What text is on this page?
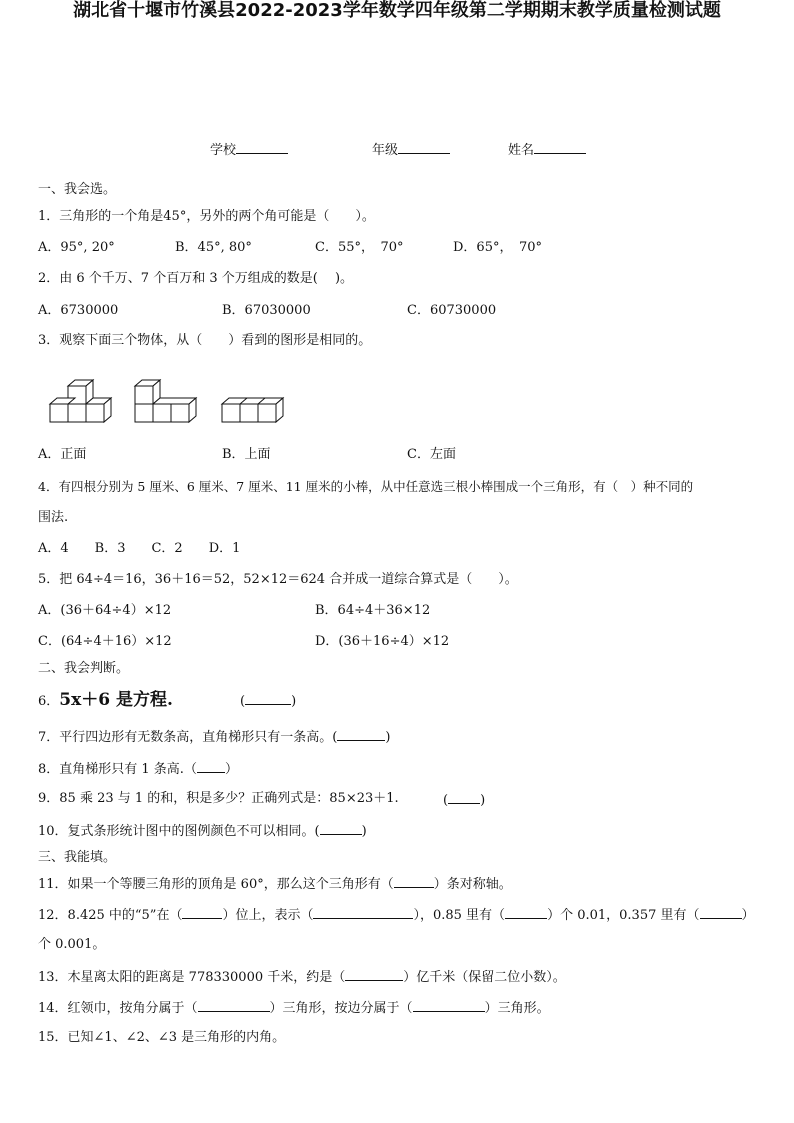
湖北省十堰市竹溪县2022-2023学年数学四年级第二学期期末教学质量检测试题
学校	年级	姓名
一、我会选。
1．三角形的一个角是45°，另外的两个角可能是（　　）。
A．95°, 20°	B．45°, 80°	C．55°，　70°	D．65°，　70°
2．由 6 个千万、7 个百万和 3 个万组成的数是(　 )。
A．6730000	B．67030000	C．60730000
3．观察下面三个物体，从（　　）看到的图形是相同的。
A．正面	B．上面	C．左面
4．有四根分别为 5 厘米、6 厘米、7 厘米、11 厘米的小棒，从中任意选三根小棒围成一个三角形，有（　）种不同的
围法.
A．4　　B．3　　C．2　　D．1
5．把 64÷4＝16，36＋16＝52，52×12＝624 合并成一道综合算式是（　　）。
A．(36＋64÷4）×12	B．64÷4＋36×12
C．(64÷4＋16）×12	D．(36＋16÷4）×12
二、我会判断。
6．5x＋6 是方程.	(	)
7．平行四边形有无数条高，直角梯形只有一条高。(	)
8．直角梯形只有 1 条高.（ ）
9．85 乘 23 与 1 的和，积是多少？正确列式是：85×23＋1.	( )
10．复式条形统计图中的图例颜色不可以相同。(	)
三、我能填。
11．如果一个等腰三角形的顶角是 60°，那么这个三角形有（	）条对称轴。
12．8.425 中的“5”在（	）位上，表示（	），0.85 里有（	）个 0.01，0.357 里有（	）
个 0.001。
13．木星离太阳的距离是 778330000 千米，约是（	）亿千米（保留二位小数）。
14．红领巾，按角分属于（	）三角形，按边分属于（	）三角形。
15．已知∠1、∠2、∠3 是三角形的内角。
